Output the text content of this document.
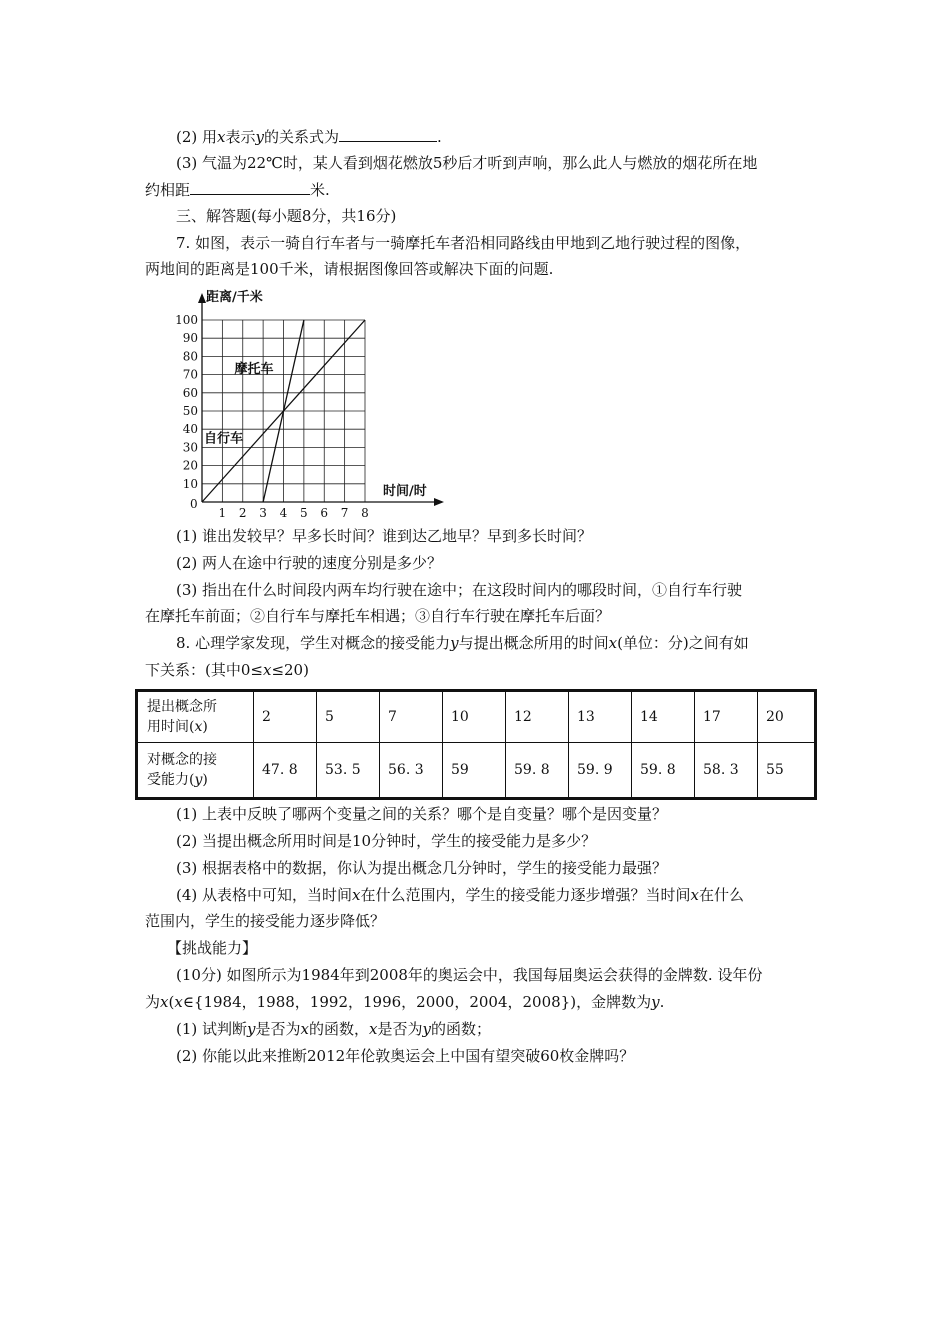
(2) 用x表示y的关系式为	.
(3) 气温为22℃时，某人看到烟花燃放5秒后才听到声响，那么此人与燃放的烟花所在地
约相距	米.
三、解答题(每小题8分，共16分)
7. 如图，表示一骑自行车者与一骑摩托车者沿相同路线由甲地到乙地行驶过程的图像，
两地间的距离是100千米，请根据图像回答或解决下面的问题.
1 2 3 4 5 6 7 8
10
20
30
40
50
60
70
80
90
100
距离/千米
时间/时
0
自行车
摩托车
(1) 谁出发较早？早多长时间？谁到达乙地早？早到多长时间？
(2) 两人在途中行驶的速度分别是多少？
(3) 指出在什么时间段内两车均行驶在途中；在这段时间内的哪段时间，①自行车行驶
在摩托车前面；②自行车与摩托车相遇；③自行车行驶在摩托车后面？
8. 心理学家发现，学生对概念的接受能力y与提出概念所用的时间x(单位：分)之间有如
下关系：(其中0≤x≤20)
提出概念所
用时间(x)	2	5	7	10	12	13	14	17	20
对概念的接
受能力(y)	47. 8	53. 5	56. 3	59	59. 8	59. 9	59. 8	58. 3	55
(1) 上表中反映了哪两个变量之间的关系？哪个是自变量？哪个是因变量？
(2) 当提出概念所用时间是10分钟时，学生的接受能力是多少？
(3) 根据表格中的数据，你认为提出概念几分钟时，学生的接受能力最强？
(4) 从表格中可知，当时间x在什么范围内，学生的接受能力逐步增强？当时间x在什么
范围内，学生的接受能力逐步降低？
【挑战能力】
(10分) 如图所示为1984年到2008年的奥运会中，我国每届奥运会获得的金牌数. 设年份
为x(x∈{1984，1988，1992，1996，2000，2004，2008})，金牌数为y.
(1) 试判断y是否为x的函数，x是否为y的函数；
(2) 你能以此来推断2012年伦敦奥运会上中国有望突破60枚金牌吗？
